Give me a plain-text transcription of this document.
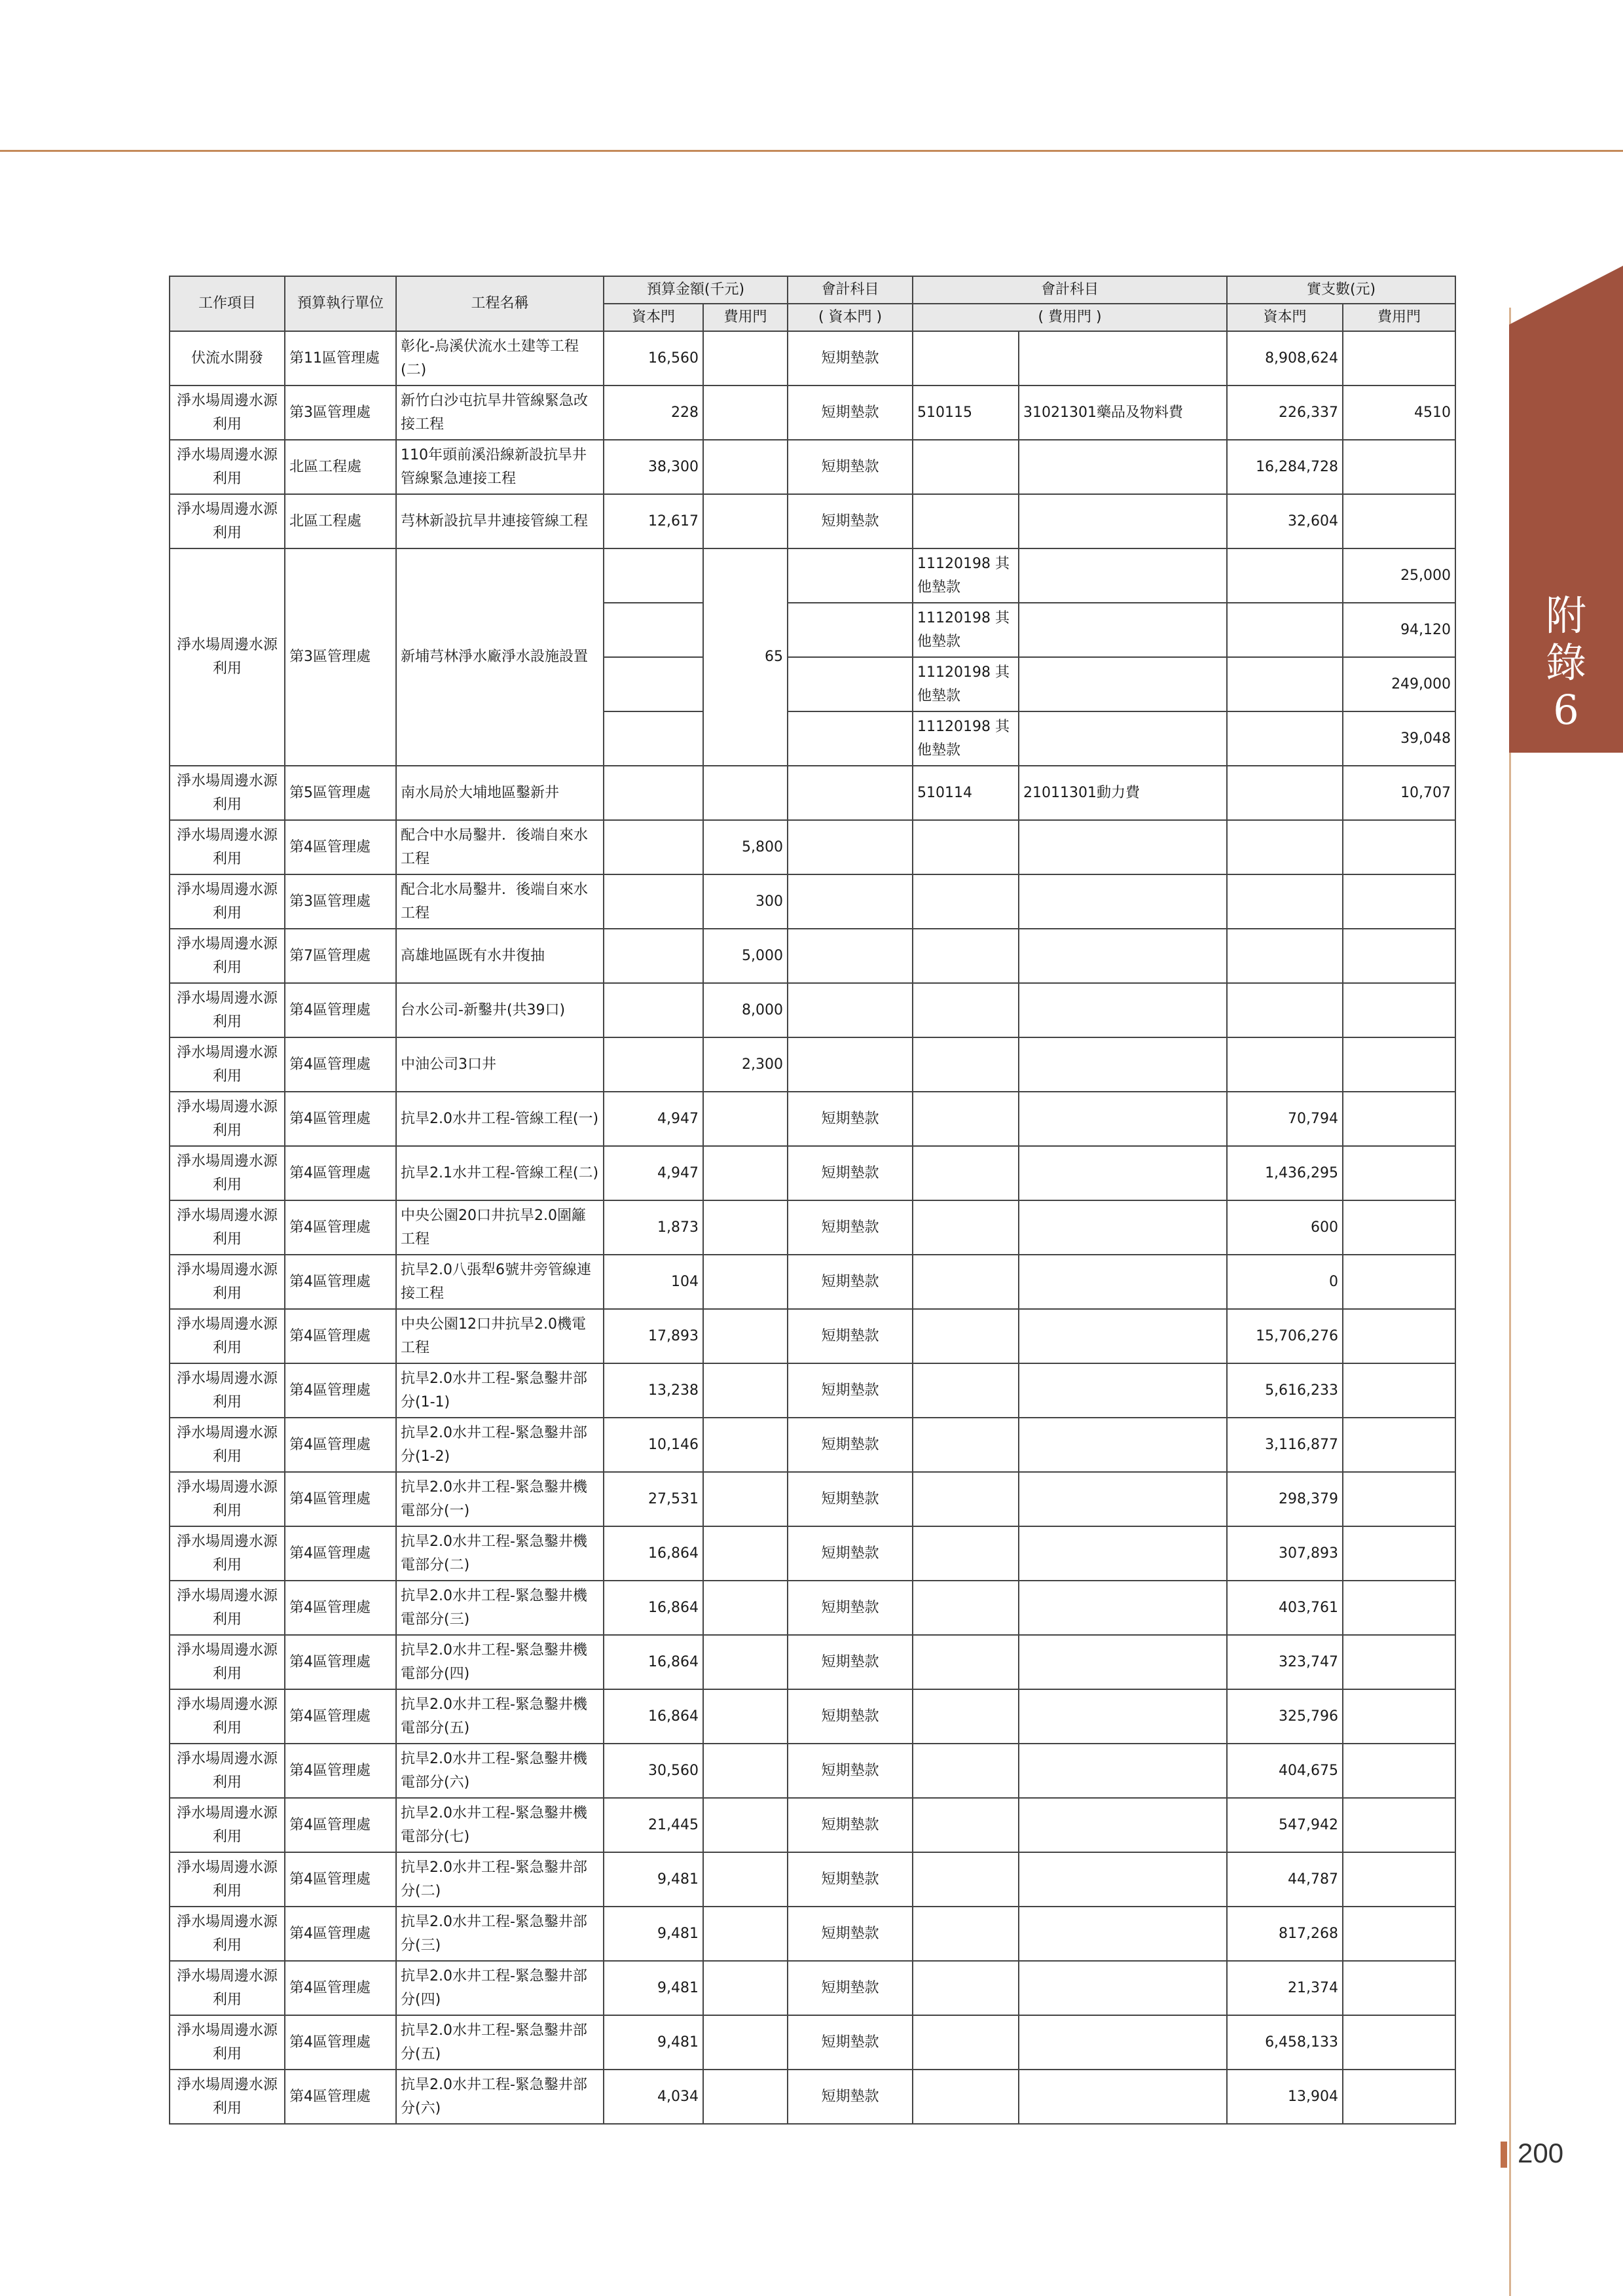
附
錄
6
工作項目	預算執行單位	工程名稱	預算金額(千元)		會計科目	會計科目		實支數(元)	
			資本門	費用門	( 資本門 )	( 費用門 )		資本門	費用門
伏流水開發	第11區管理處	彰化-烏溪伏流水土建等工程(二)	16,560		短期墊款			8,908,624	
淨水場周邊水源利用	第3區管理處	新竹白沙屯抗旱井管線緊急改接工程	228		短期墊款	510115	31021301藥品及物料費	226,337	4510
淨水場周邊水源利用	北區工程處	110年頭前溪沿線新設抗旱井管線緊急連接工程	38,300		短期墊款			16,284,728	
淨水場周邊水源利用	北區工程處	芎林新設抗旱井連接管線工程	12,617		短期墊款			32,604	
淨水場周邊水源利用	第3區管理處	新埔芎林淨水廠淨水設施設置		65		11120198 其他墊款			25,000
						11120198 其他墊款			94,120
						11120198 其他墊款			249,000
						11120198 其他墊款			39,048
淨水場周邊水源利用	第5區管理處	南水局於大埔地區鑿新井				510114	21011301動力費		10,707
淨水場周邊水源利用	第4區管理處	配合中水局鑿井．後端自來水工程		5,800					
淨水場周邊水源利用	第3區管理處	配合北水局鑿井．後端自來水工程		300					
淨水場周邊水源利用	第7區管理處	高雄地區既有水井復抽		5,000					
淨水場周邊水源利用	第4區管理處	台水公司-新鑿井(共39口)		8,000					
淨水場周邊水源利用	第4區管理處	中油公司3口井		2,300					
淨水場周邊水源利用	第4區管理處	抗旱2.0水井工程-管線工程(一)	4,947		短期墊款			70,794	
淨水場周邊水源利用	第4區管理處	抗旱2.1水井工程-管線工程(二)	4,947		短期墊款			1,436,295	
淨水場周邊水源利用	第4區管理處	中央公園20口井抗旱2.0圍籬工程	1,873		短期墊款			600	
淨水場周邊水源利用	第4區管理處	抗旱2.0八張犁6號井旁管線連接工程	104		短期墊款			0	
淨水場周邊水源利用	第4區管理處	中央公園12口井抗旱2.0機電工程	17,893		短期墊款			15,706,276	
淨水場周邊水源利用	第4區管理處	抗旱2.0水井工程-緊急鑿井部分(1-1)	13,238		短期墊款			5,616,233	
淨水場周邊水源利用	第4區管理處	抗旱2.0水井工程-緊急鑿井部分(1-2)	10,146		短期墊款			3,116,877	
淨水場周邊水源利用	第4區管理處	抗旱2.0水井工程-緊急鑿井機電部分(一)	27,531		短期墊款			298,379	
淨水場周邊水源利用	第4區管理處	抗旱2.0水井工程-緊急鑿井機電部分(二)	16,864		短期墊款			307,893	
淨水場周邊水源利用	第4區管理處	抗旱2.0水井工程-緊急鑿井機電部分(三)	16,864		短期墊款			403,761	
淨水場周邊水源利用	第4區管理處	抗旱2.0水井工程-緊急鑿井機電部分(四)	16,864		短期墊款			323,747	
淨水場周邊水源利用	第4區管理處	抗旱2.0水井工程-緊急鑿井機電部分(五)	16,864		短期墊款			325,796	
淨水場周邊水源利用	第4區管理處	抗旱2.0水井工程-緊急鑿井機電部分(六)	30,560		短期墊款			404,675	
淨水場周邊水源利用	第4區管理處	抗旱2.0水井工程-緊急鑿井機電部分(七)	21,445		短期墊款			547,942	
淨水場周邊水源利用	第4區管理處	抗旱2.0水井工程-緊急鑿井部分(二)	9,481		短期墊款			44,787	
淨水場周邊水源利用	第4區管理處	抗旱2.0水井工程-緊急鑿井部分(三)	9,481		短期墊款			817,268	
淨水場周邊水源利用	第4區管理處	抗旱2.0水井工程-緊急鑿井部分(四)	9,481		短期墊款			21,374	
淨水場周邊水源利用	第4區管理處	抗旱2.0水井工程-緊急鑿井部分(五)	9,481		短期墊款			6,458,133	
淨水場周邊水源利用	第4區管理處	抗旱2.0水井工程-緊急鑿井部分(六)	4,034		短期墊款			13,904	
200
